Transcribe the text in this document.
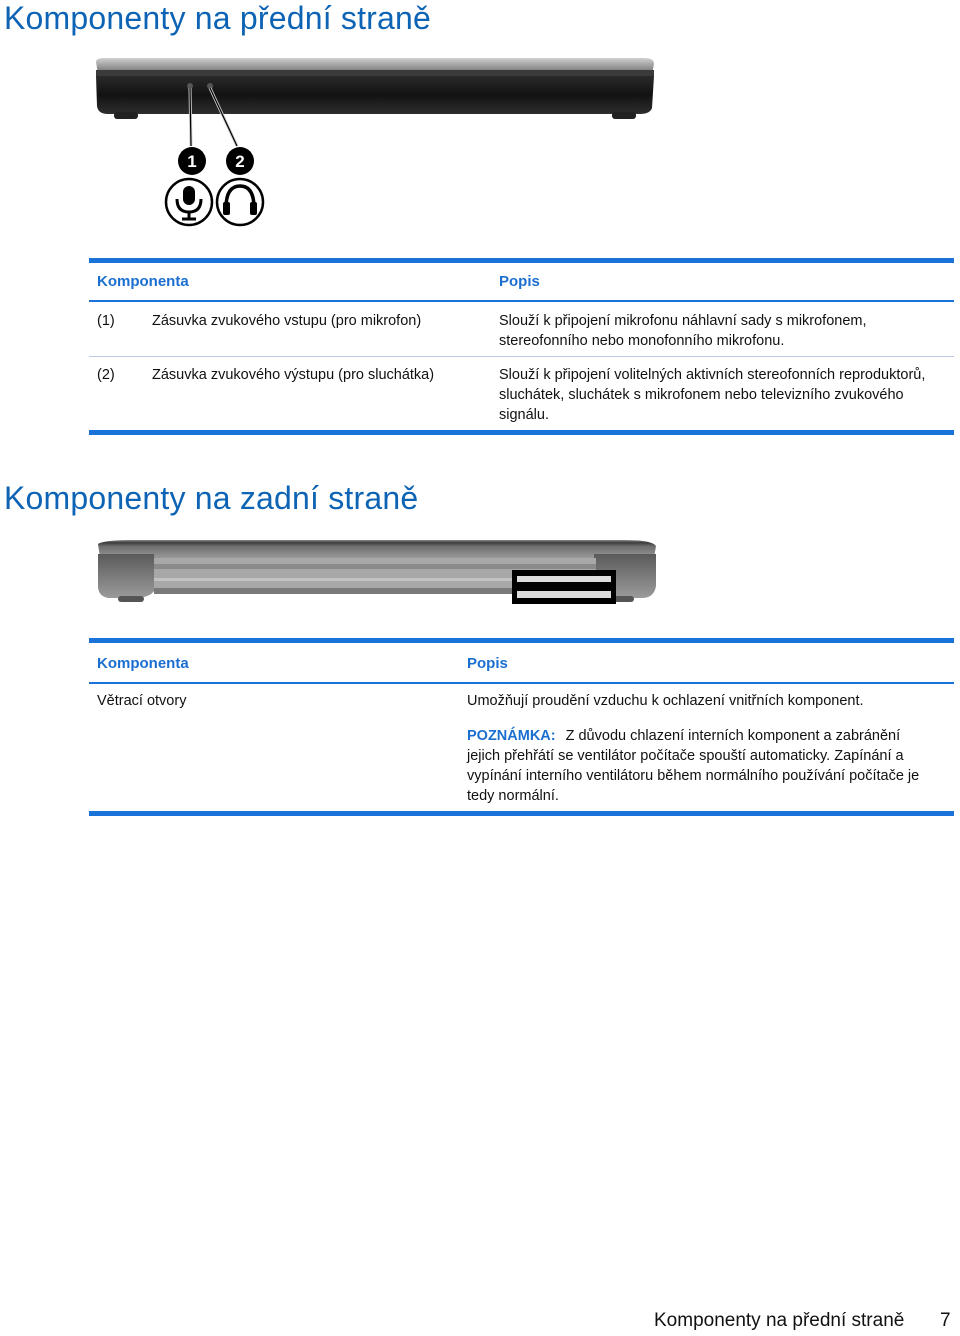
Komponenty na přední straně
1 2
Komponenta	Popis
(1)	Zásuvka zvukového vstupu (pro mikrofon)	Slouží k připojení mikrofonu náhlavní sady s mikrofonem,
stereofonního nebo monofonního mikrofonu.
(2)	Zásuvka zvukového výstupu (pro sluchátka)	Slouží k připojení volitelných aktivních stereofonních reproduktorů,
sluchátek, sluchátek s mikrofonem nebo televizního zvukového
signálu.
Komponenty na zadní straně
Komponenta	Popis
Větrací otvory	Umožňují proudění vzduchu k ochlazení vnitřních komponent.
POZNÁMKA: Z důvodu chlazení interních komponent a zabránění
jejich přehřátí se ventilátor počítače spouští automaticky. Zapínání a
vypínání interního ventilátoru během normálního používání počítače je
tedy normální.
Komponenty na přední straně 7
